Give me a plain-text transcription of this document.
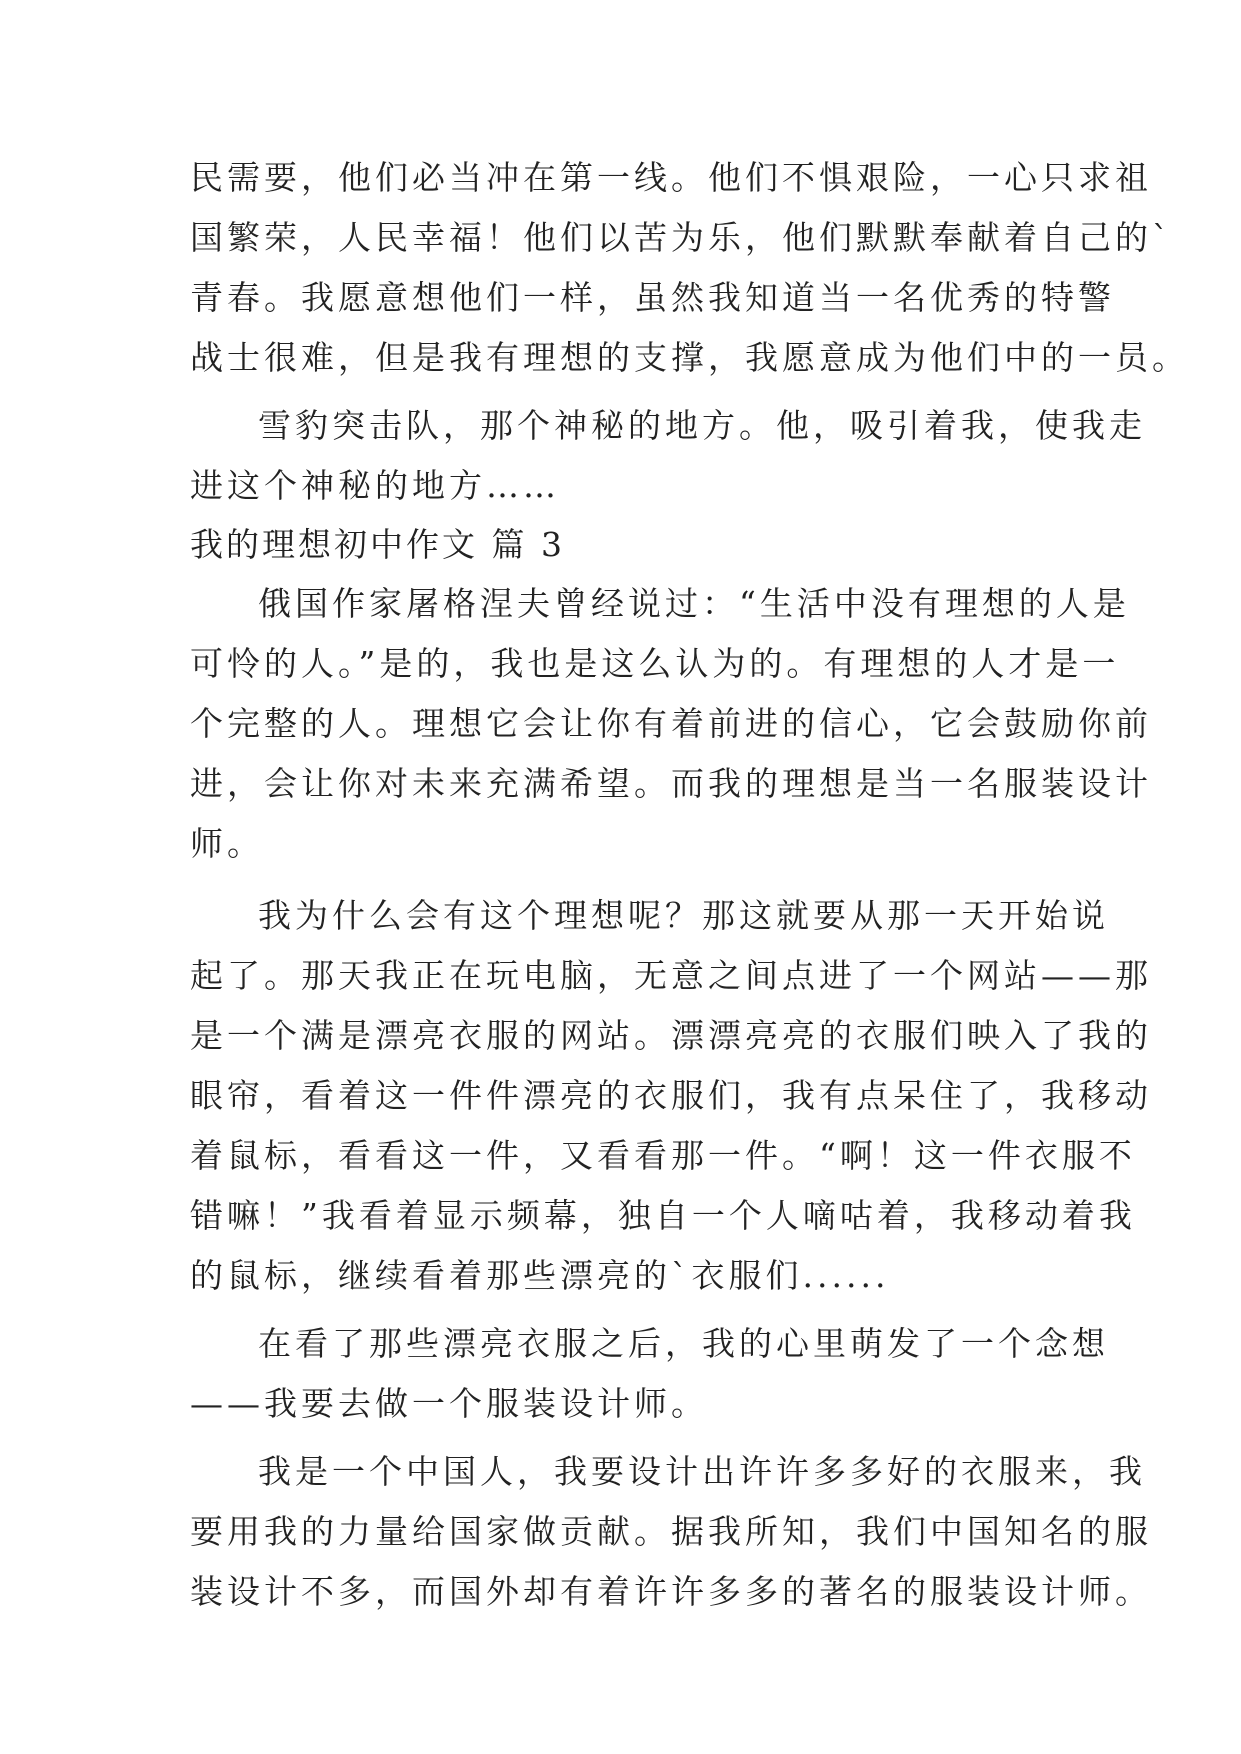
民需要，他们必当冲在第一线。他们不惧艰险，一心只求祖
国繁荣，人民幸福！他们以苦为乐，他们默默奉献着自己的`
青春。我愿意想他们一样，虽然我知道当一名优秀的特警
战士很难，但是我有理想的支撑，我愿意成为他们中的一员。
雪豹突击队，那个神秘的地方。他，吸引着我，使我走
进这个神秘的地方……
我的理想初中作文 篇 3
俄国作家屠格涅夫曾经说过：“生活中没有理想的人是
可怜的人。”是的，我也是这么认为的。有理想的人才是一
个完整的人。理想它会让你有着前进的信心，它会鼓励你前
进，会让你对未来充满希望。而我的理想是当一名服装设计
师。
我为什么会有这个理想呢？那这就要从那一天开始说
起了。那天我正在玩电脑，无意之间点进了一个网站——那
是一个满是漂亮衣服的网站。漂漂亮亮的衣服们映入了我的
眼帘，看着这一件件漂亮的衣服们，我有点呆住了，我移动
着鼠标，看看这一件，又看看那一件。“啊！这一件衣服不
错嘛！”我看着显示频幕，独自一个人嘀咕着，我移动着我
的鼠标，继续看着那些漂亮的`衣服们......
在看了那些漂亮衣服之后，我的心里萌发了一个念想
——我要去做一个服装设计师。
我是一个中国人，我要设计出许许多多好的衣服来，我
要用我的力量给国家做贡献。据我所知，我们中国知名的服
装设计不多，而国外却有着许许多多的著名的服装设计师。
